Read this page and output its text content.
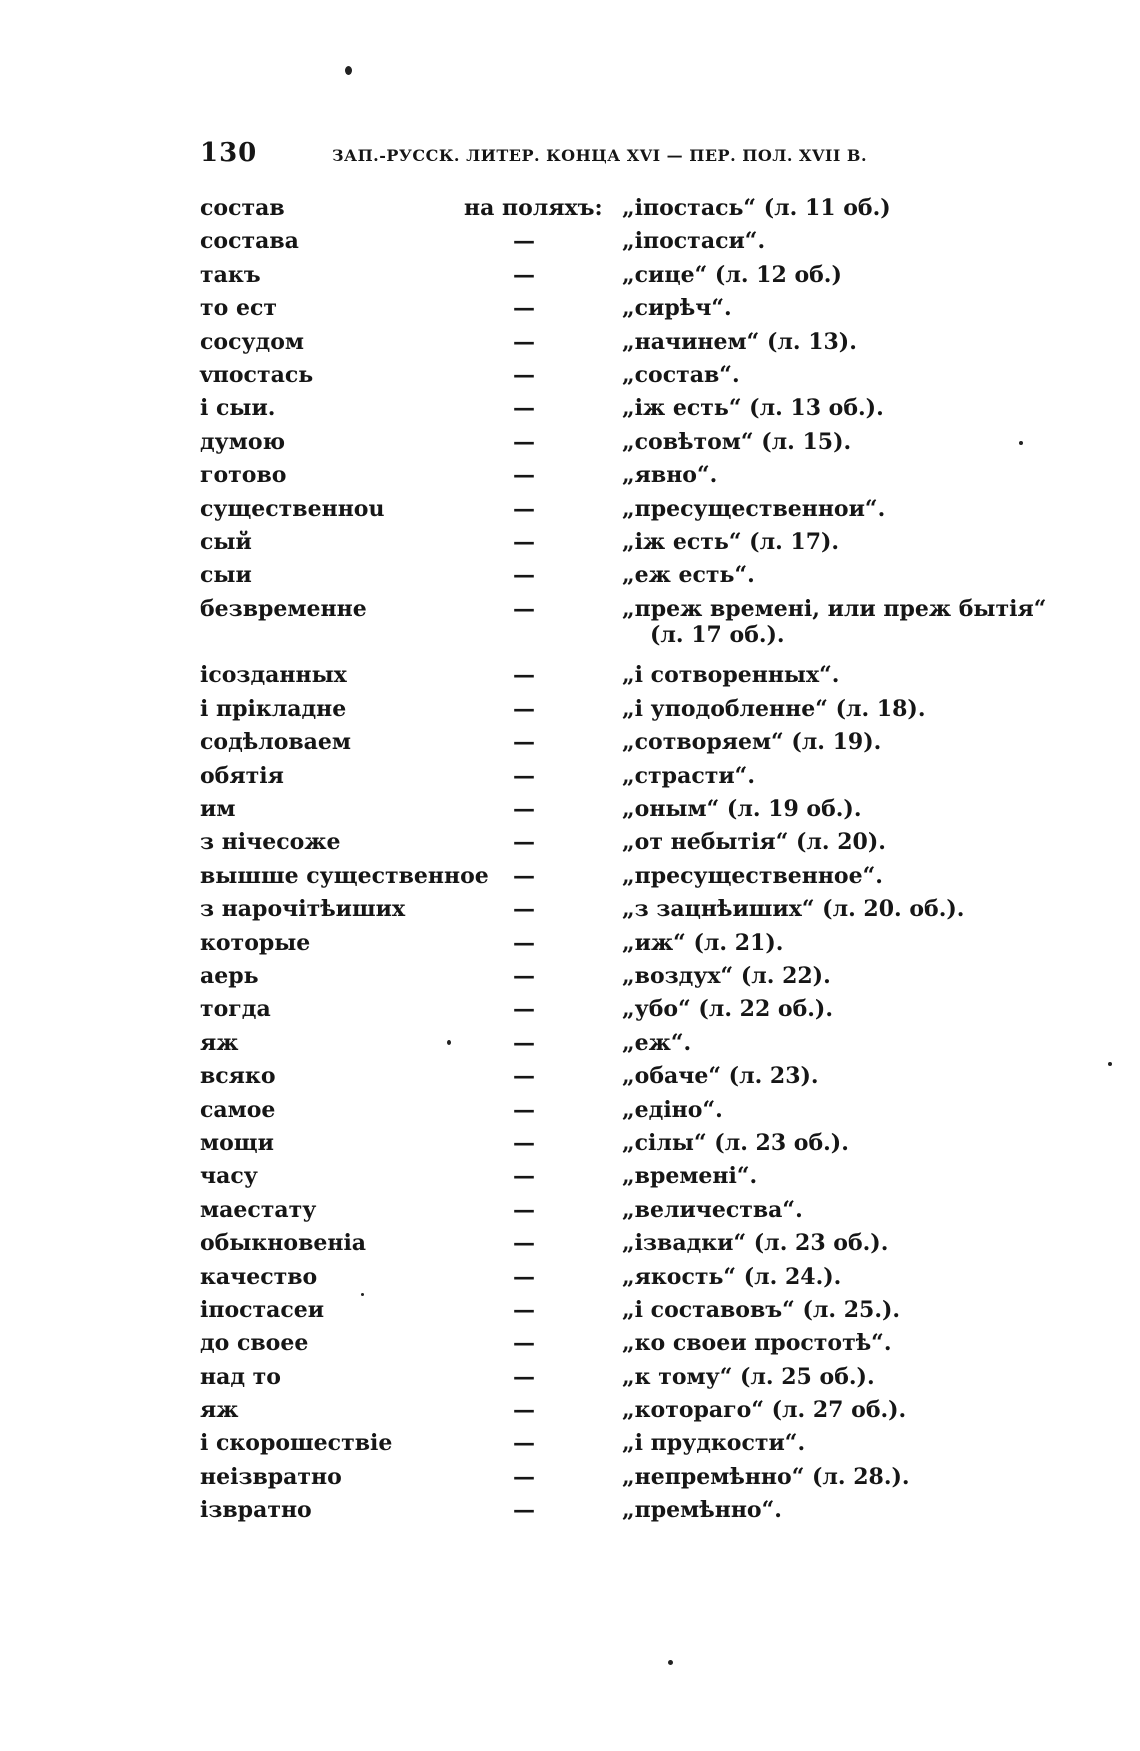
130	ЗАП.-РУССК. ЛИТЕР. КОНЦА XVI — ПЕР. ПОЛ. XVII В.
состав	на поляхъ: „iпостась“ (л. 11 об.)
состава	—	„iпостаси“.
такъ	—	„сице“ (л. 12 об.)
то ест	—	„сирѣч“.
сосудом	—	„начинем“ (л. 13).
vпостась	—	„состав“.
i сыи.	—	„iж есть“ (л. 13 об.).
думою	—	„совѣтом“ (л. 15).
готово	—	„явно“.
существенноu	—	„пресущественнои“.
сый	—	„iж есть“ (л. 17).
сыи	—	„еж есть“.
безвременне	—	„преж времені, или преж бытія“
(л. 17 об.).
iсозданных	—	„i сотворенных“.
i прiкладне	—	„i уподобленне“ (л. 18).
содѣловаем	—	„сотворяем“ (л. 19).
обятiя	—	„страсти“.
им	—	„оным“ (л. 19 об.).
з нiчесоже	—	„от небытiя“ (л. 20).
вышше существенное —	„пресущественное“.
з нарочiтѣиших	—	„з зацнѣиших“ (л. 20. об.).
которые	—	„иж“ (л. 21).
аерь	—	„воздух“ (л. 22).
тогда	—	„убо“ (л. 22 об.).
яж	—	„еж“.
всяко	—	„обаче“ (л. 23).
самое	—	„едiно“.
мощи	—	„сiлы“ (л. 23 об.).
часу	—	„времені“.
маестату	—	„величества“.
обыкновенiа	—	„iзвадки“ (л. 23 об.).
качество	—	„якость“ (л. 24.).
iпостасеи	—	„i составовъ“ (л. 25.).
до своее	—	„ко своеи простотѣ“.
над то	—	„к тому“ (л. 25 об.).
яж	—	„котораго“ (л. 27 об.).
i скорошествiе	—	„i прудкости“.
неiзвратно	—	„непремѣнно“ (л. 28.).
iзвратно	—	„премѣнно“.
